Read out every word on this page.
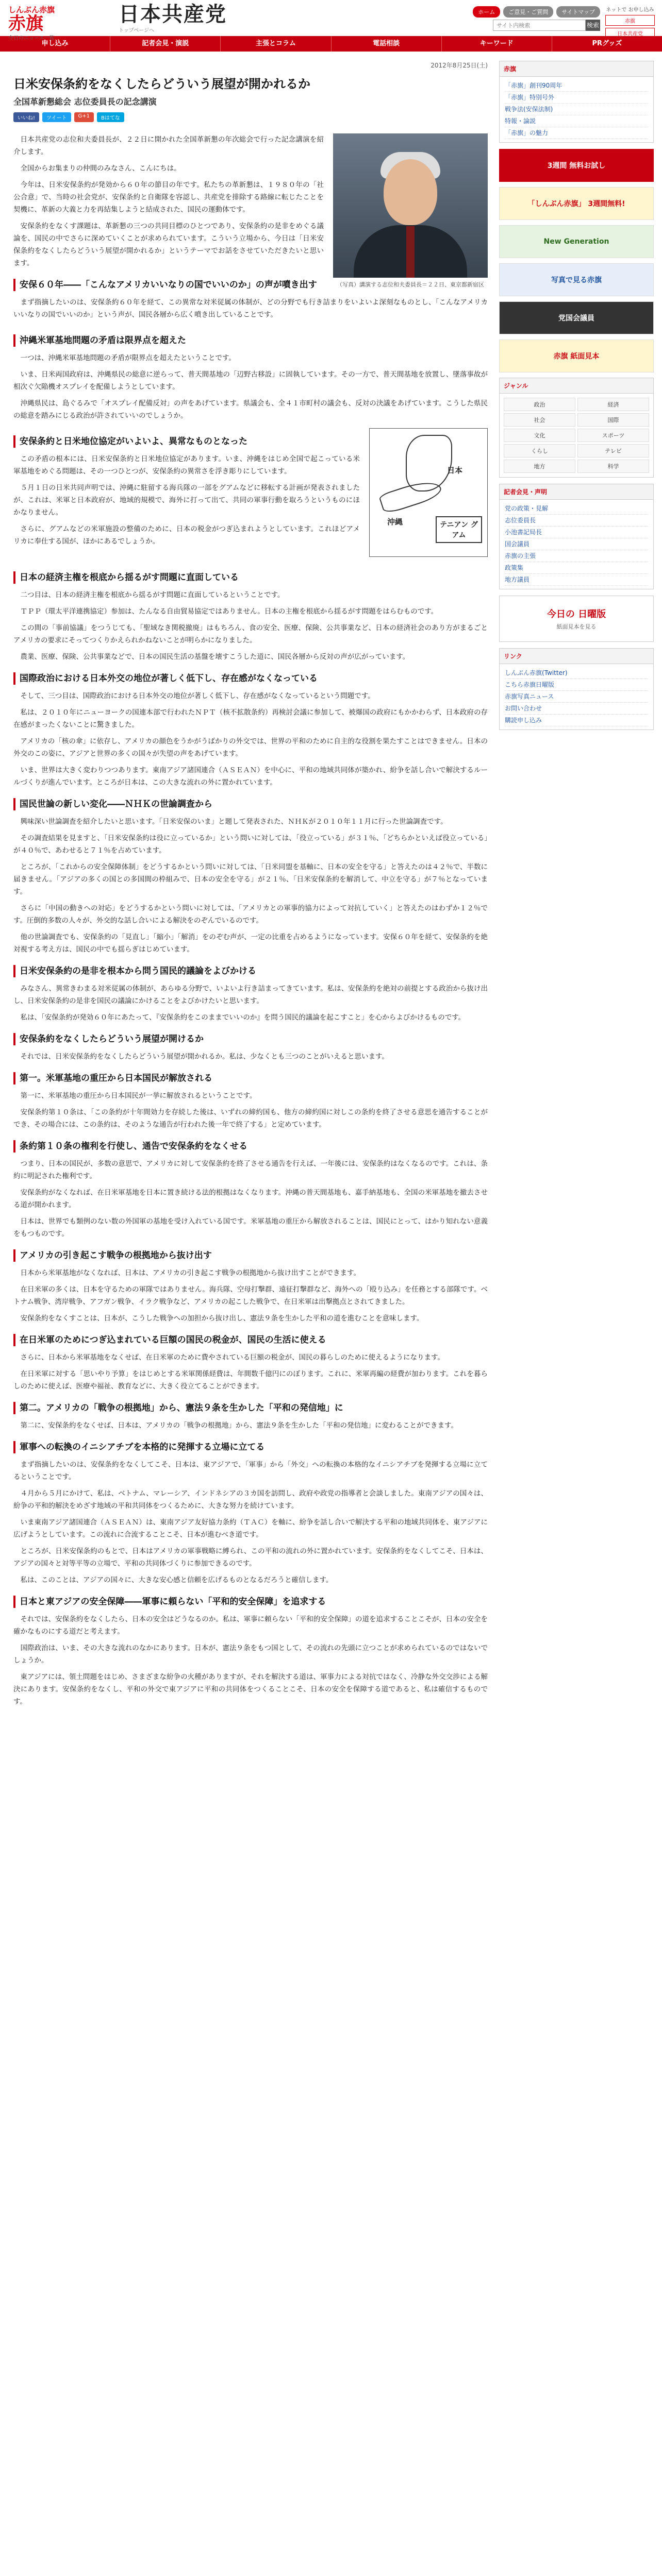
しんぶん赤旗
赤旗
今日のニュース一覧
日本共産党
トップページへ
ホーム	ご意見・ご質問	サイトマップ
サイト内検索
検索
ネットで お申し込み
赤旗
日本共産党
申し込み	記者会見・演説	主張とコラム	電話相談	キーワード	PRグッズ
2012年8月25日(土)
日米安保条約をなくしたらどういう展望が開かれるか
全国革新懇総会 志位委員長の記念講演
いいね!	ツイート	G+1	Bはてな
（写真）講演する志位和夫委員長＝２２日、東京都新宿区

日本共産党の志位和夫委員長が、２２日に開かれた全国革新懇の年次総会で行った記念講演を紹介します。

全国からお集まりの仲間のみなさん、こんにちは。

今年は、日米安保条約が発効から６０年の節目の年です。私たちの革新懇は、１９８０年の「社公合意」で、当時の社会党が、安保条約と自衛隊を容認し、共産党を排除する路線に転じたことを契機に、革新の大義と力を再結集しようと結成された、国民の運動体です。

安保条約をなくす課題は、革新懇の三つの共同目標のひとつであり、安保条約の是非をめぐる議論を、国民の中でさらに深めていくことが求められています。こういう立場から、今日は「日米安保条約をなくしたらどういう展望が開かれるか」というテーマでお話をさせていただきたいと思います。

安保６０年――「こんなアメリカいいなりの国でいいのか」の声が噴き出す

まず指摘したいのは、安保条約６０年を経て、この異常な対米従属の体制が、どの分野でも行き詰まりをいよいよ深刻なものとし、「こんなアメリカいいなりの国でいいのか」という声が、国民各層から広く噴き出していることです。

沖縄米軍基地問題の矛盾は限界点を超えた

一つは、沖縄米軍基地問題の矛盾が限界点を超えたということです。

いま、日米両国政府は、沖縄県民の総意に逆らって、普天間基地の「辺野古移設」に固執しています。その一方で、普天間基地を放置し、墜落事故が相次ぐ欠陥機オスプレイを配備しようとしています。

沖縄県民は、島ぐるみで「オスプレイ配備反対」の声をあげています。県議会も、全４１市町村の議会も、反対の決議をあげています。こうした県民の総意を踏みにじる政治が許されていいのでしょうか。

日本
沖縄	テニアン グアム
安保条約と日米地位協定がいよいよ、異常なものとなった

この矛盾の根本には、日米安保条約と日米地位協定があります。いま、沖縄をはじめ全国で起こっている米軍基地をめぐる問題は、その一つひとつが、安保条約の異常さを浮き彫りにしています。

５月１日の日米共同声明では、沖縄に駐留する海兵隊の一部をグアムなどに移転する計画が発表されましたが、これは、米軍と日本政府が、地域的規模で、海外に打って出て、共同の軍事行動を取ろうというものにほかなりません。

さらに、グアムなどの米軍施設の整備のために、日本の税金がつぎ込まれようとしています。これほどアメリカに奉仕する国が、ほかにあるでしょうか。

日本の経済主権を根底から揺るがす問題に直面している

二つ目は、日本の経済主権を根底から揺るがす問題に直面しているということです。

ＴＰＰ（環太平洋連携協定）参加は、たんなる自由貿易協定ではありません。日本の主権を根底から揺るがす問題をはらむものです。

この間の「事前協議」をつうじても、「聖域なき関税撤廃」はもちろん、食の安全、医療、保険、公共事業など、日本の経済社会のあり方がまるごとアメリカの要求にそってつくりかえられかねないことが明らかになりました。

農業、医療、保険、公共事業などで、日本の国民生活の基盤を壊すこうした道に、国民各層から反対の声が広がっています。

国際政治における日本外交の地位が著しく低下し、存在感がなくなっている

そして、三つ目は、国際政治における日本外交の地位が著しく低下し、存在感がなくなっているという問題です。

私は、２０１０年にニューヨークの国連本部で行われたＮＰＴ（核不拡散条約）再検討会議に参加して、被爆国の政府にもかかわらず、日本政府の存在感がまったくないことに驚きました。

アメリカの「核の傘」に依存し、アメリカの顔色をうかがうばかりの外交では、世界の平和のために自主的な役割を果たすことはできません。日本の外交のこの姿に、アジアと世界の多くの国々が失望の声をあげています。

いま、世界は大きく変わりつつあります。東南アジア諸国連合（ＡＳＥＡＮ）を中心に、平和の地域共同体が築かれ、紛争を話し合いで解決するルールづくりが進んでいます。ところが日本は、この大きな流れの外に置かれています。

国民世論の新しい変化――ＮＨＫの世論調査から

興味深い世論調査を紹介したいと思います。「日米安保のいま」と題して発表された、ＮＨＫが２０１０年１１月に行った世論調査です。

その調査結果を見ますと、「日米安保条約は役に立っているか」という問いに対しては、「役立っている」が３１％、「どちらかといえば役立っている」が４０％で、あわせると７１％を占めています。

ところが、「これからの安全保障体制」をどうするかという問いに対しては、「日米同盟を基軸に、日本の安全を守る」と答えたのは４２％で、半数に届きません。「アジアの多くの国との多国間の枠組みで、日本の安全を守る」が２１％、「日米安保条約を解消して、中立を守る」が７％となっています。

さらに「中国の動きへの対応」をどうするかという問いに対しては、「アメリカとの軍事的協力によって対抗していく」と答えたのはわずか１２％です。圧倒的多数の人々が、外交的な話し合いによる解決をのぞんでいるのです。

他の世論調査でも、安保条約の「見直し」「縮小」「解消」をのぞむ声が、一定の比重を占めるようになっています。安保６０年を経て、安保条約を絶対視する考え方は、国民の中でも揺らぎはじめています。

日米安保条約の是非を根本から問う国民的議論をよびかける

みなさん、異常きわまる対米従属の体制が、あらゆる分野で、いよいよ行き詰まってきています。私は、安保条約を絶対の前提とする政治から抜け出し、日米安保条約の是非を国民の議論にかけることをよびかけたいと思います。

私は、「安保条約が発効６０年にあたって、『安保条約をこのままでいいのか』を問う国民的議論を起こすこと」を心からよびかけるものです。

安保条約をなくしたらどういう展望が開けるか

それでは、日米安保条約をなくしたらどういう展望が開かれるか。私は、少なくとも三つのことがいえると思います。

第一。米軍基地の重圧から日本国民が解放される

第一に、米軍基地の重圧から日本国民が一挙に解放されるということです。

安保条約第１０条は、「この条約が十年間効力を存続した後は、いずれの締約国も、他方の締約国に対しこの条約を終了させる意思を通告することができ、その場合には、この条約は、そのような通告が行われた後一年で終了する」と定めています。

条約第１０条の権利を行使し、通告で安保条約をなくせる

つまり、日本の国民が、多数の意思で、アメリカに対して安保条約を終了させる通告を行えば、一年後には、安保条約はなくなるのです。これは、条約に明記された権利です。

安保条約がなくなれば、在日米軍基地を日本に置き続ける法的根拠はなくなります。沖縄の普天間基地も、嘉手納基地も、全国の米軍基地を撤去させる道が開かれます。

日本は、世界でも類例のない数の外国軍の基地を受け入れている国です。米軍基地の重圧から解放されることは、国民にとって、はかり知れない意義をもつものです。

アメリカの引き起こす戦争の根拠地から抜け出す

日本から米軍基地がなくなれば、日本は、アメリカの引き起こす戦争の根拠地から抜け出すことができます。

在日米軍の多くは、日本を守るための軍隊ではありません。海兵隊、空母打撃群、遠征打撃群など、海外への「殴り込み」を任務とする部隊です。ベトナム戦争、湾岸戦争、アフガン戦争、イラク戦争など、アメリカの起こした戦争で、在日米軍は出撃拠点とされてきました。

安保条約をなくすことは、日本が、こうした戦争への加担から抜け出し、憲法９条を生かした平和の道を進むことを意味します。

在日米軍のためにつぎ込まれている巨額の国民の税金が、国民の生活に使える

さらに、日本から米軍基地をなくせば、在日米軍のために費やされている巨額の税金が、国民の暮らしのために使えるようになります。

在日米軍に対する「思いやり予算」をはじめとする米軍関係経費は、年間数千億円にのぼります。これに、米軍再編の経費が加わります。これを暮らしのために使えば、医療や福祉、教育などに、大きく役立てることができます。

第二。アメリカの「戦争の根拠地」から、憲法９条を生かした「平和の発信地」に

第二に、安保条約をなくせば、日本は、アメリカの「戦争の根拠地」から、憲法９条を生かした「平和の発信地」に変わることができます。

軍事への転換のイニシアチブを本格的に発揮する立場に立てる

まず指摘したいのは、安保条約をなくしてこそ、日本は、東アジアで、「軍事」から「外交」への転換の本格的なイニシアチブを発揮する立場に立てるということです。

４月から５月にかけて、私は、ベトナム、マレーシア、インドネシアの３カ国を訪問し、政府や政党の指導者と会談しました。東南アジアの国々は、紛争の平和的解決をめざす地域の平和共同体をつくるために、大きな努力を続けています。

いま東南アジア諸国連合（ＡＳＥＡＮ）は、東南アジア友好協力条約（ＴＡＣ）を軸に、紛争を話し合いで解決する平和の地域共同体を、東アジアに広げようとしています。この流れに合流することこそ、日本が進むべき道です。

ところが、日米安保条約のもとで、日本はアメリカの軍事戦略に縛られ、この平和の流れの外に置かれています。安保条約をなくしてこそ、日本は、アジアの国々と対等平等の立場で、平和の共同体づくりに参加できるのです。

私は、このことは、アジアの国々に、大きな安心感と信頼を広げるものとなるだろうと確信します。

日本と東アジアの安全保障――軍事に頼らない「平和的安全保障」を追求する

それでは、安保条約をなくしたら、日本の安全はどうなるのか。私は、軍事に頼らない「平和的安全保障」の道を追求することこそが、日本の安全を確かなものにする道だと考えます。

国際政治は、いま、その大きな流れのなかにあります。日本が、憲法９条をもつ国として、その流れの先頭に立つことが求められているのではないでしょうか。

東アジアには、領土問題をはじめ、さまざまな紛争の火種がありますが、それを解決する道は、軍事力による対抗ではなく、冷静な外交交渉による解決にあります。安保条約をなくし、平和の外交で東アジアに平和の共同体をつくることこそ、日本の安全を保障する道であると、私は確信するものです。

赤旗
「赤旗」創刊90周年
「赤旗」特別号外
戦争法(安保法制)
特報・論説
「赤旗」の魅力
3週間 無料お試し
「しんぶん赤旗」 3週間無料!
New Generation
写真で見る赤旗
党国会議員
赤旗 紙面見本
ジャンル
政治	経済
社会	国際
文化	スポーツ
くらし	テレビ
地方	科学
記者会見・声明
党の政策・見解
志位委員長
小池書記局長
国会議員
赤旗の主張
政策集
地方議員
今日の 日曜版
紙面見本を見る
リンク
しんぶん赤旗(Twitter)
こちら赤旗日曜版
赤旗写真ニュース
お問い合わせ
購読申し込み
